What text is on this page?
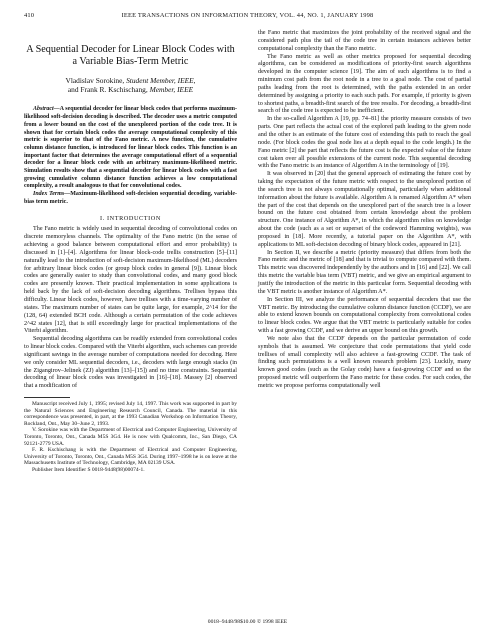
410	IEEE TRANSACTIONS ON INFORMATION THEORY, VOL. 44, NO. 1, JANUARY 1998
A Sequential Decoder for Linear Block Codes with a Variable Bias-Term Metric
Vladislav Sorokine, Student Member, IEEE,
and Frank R. Kschischang, Member, IEEE

Abstract—A sequential decoder for linear block codes that performs maximum-likelihood soft-decision decoding is described. The decoder uses a metric computed from a lower bound on the cost of the unexplored portion of the code tree. It is shown that for certain block codes the average computational complexity of this metric is superior to that of the Fano metric. A new function, the cumulative column distance function, is introduced for linear block codes. This function is an important factor that determines the average computational effort of a sequential decoder for a linear block code with an arbitrary maximum-likelihood metric. Simulation results show that a sequential decoder for linear block codes with a fast growing cumulative column distance function achieves a low computational complexity, a result analogous to that for convolutional codes.

Index Terms—Maximum-likelihood soft-decision sequential decoding, variable-bias term metric.

I. INTRODUCTION

The Fano metric is widely used in sequential decoding of convolutional codes on discrete memoryless channels. The optimality of the Fano metric (in the sense of achieving a good balance between computational effort and error probability) is discussed in [1]–[4]. Algorithms for linear block-code trellis construction [5]–[11] naturally lead to the introduction of soft-decision maximum-likelihood (ML) decoders for arbitrary linear block codes (or group block codes in general [9]). Linear block codes are generally easier to study than convolutional codes, and many good block codes are presently known. Their practical implementation in some applications is held back by the lack of soft-decision decoding algorithms. Trellises bypass this difficulty. Linear block codes, however, have trellises with a time-varying number of states. The maximum number of states can be quite large, for example, 2^14 for the (128, 64) extended BCH code. Although a certain permutation of the code achieves 2^42 states [12], that is still exceedingly large for practical implementations of the Viterbi algorithm.

Sequential decoding algorithms can be readily extended from convolutional codes to linear block codes. Compared with the Viterbi algorithm, such schemes can provide significant savings in the average number of computations needed for decoding. Here we only consider ML sequential decoders, i.e., decoders with large enough stacks (in the Zigangirov–Jelinek (ZJ) algorithm [13]–[15]) and no time constraints. Sequential decoding of linear block codes was investigated in [16]–[18]. Massey [2] observed that a modification of

Manuscript received July 1, 1995; revised July 14, 1997. This work was supported in part by the Natural Sciences and Engineering Research Council, Canada. The material in this correspondence was presented, in part, at the 1993 Canadian Workshop on Information Theory, Rockland, Ont., May 30–June 2, 1993.

V. Sorokine was with the Department of Electrical and Computer Engineering, University of Toronto, Toronto, Ont., Canada M5S 3G4. He is now with Qualcomm, Inc., San Diego, CA 92121-2779 USA.

F. R. Kschischang is with the Department of Electrical and Computer Engineering, University of Toronto, Toronto, Ont., Canada M5S 3G4. During 1997–1998 he is on leave at the Massachusetts Institute of Technology, Cambridge, MA 02139 USA.

Publisher Item Identifier S 0018-9448(98)00074-1.

the Fano metric that maximizes the joint probability of the received signal and the considered path plus the tail of the code tree in certain instances achieves better computational complexity than the Fano metric.

The Fano metric as well as other metrics proposed for sequential decoding algorithms, can be considered as modifications of priority-first search algorithms developed in the computer science [19]. The aim of such algorithms is to find a minimum cost path from the root node in a tree to a goal node. The cost of partial paths leading from the root is determined, with the paths extended in an order determined by assigning a priority to each such path. For example, if priority is given to shortest paths, a breadth-first search of the tree results. For decoding, a breadth-first search of the code tree is expected to be inefficient.

In the so-called Algorithm A [19, pp. 74–81] the priority measure consists of two parts. One part reflects the actual cost of the explored path leading to the given node and the other is an estimate of the future cost of extending this path to reach the goal node. (For block codes the goal node lies at a depth equal to the code length.) In the Fano metric [2] the part that reflects the future cost is the expected value of the future cost taken over all possible extensions of the current node. This sequential decoding with the Fano metric is an instance of Algorithm A in the terminology of [19].

It was observed in [20] that the general approach of estimating the future cost by taking the expectation of the future metric with respect to the unexplored portion of the search tree is not always computationally optimal, particularly when additional information about the future is available. Algorithm A is renamed Algorithm A* when the part of the cost that depends on the unexplored part of the search tree is a lower bound on the future cost obtained from certain knowledge about the problem structure. One instance of Algorithm A*, in which the algorithm relies on knowledge about the code (such as a set or superset of the codeword Hamming weights), was proposed in [18]. More recently, a tutorial paper on the Algorithm A*, with applications to ML soft-decision decoding of binary block codes, appeared in [21].

In Section II, we describe a metric (priority measure) that differs from both the Fano metric and the metric of [18] and that is trivial to compute compared with them. This metric was discovered independently by the authors and in [16] and [22]. We call this metric the variable bias term (VBT) metric, and we give an empirical argument to justify the introduction of the metric in this particular form. Sequential decoding with the VBT metric is another instance of Algorithm A*.

In Section III, we analyze the performance of sequential decoders that use the VBT metric. By introducing the cumulative column distance function (CCDF), we are able to extend known bounds on computational complexity from convolutional codes to linear block codes. We argue that the VBT metric is particularly suitable for codes with a fast growing CCDF, and we derive an upper bound on this growth.

We note also that the CCDF depends on the particular permutation of code symbols that is assumed. We conjecture that code permutations that yield code trellises of small complexity will also achieve a fast-growing CCDF. The task of finding such permutations is a well known research problem [23]. Luckily, many known good codes (such as the Golay code) have a fast-growing CCDF and so the proposed metric will outperform the Fano metric for these codes. For such codes, the metric we propose performs computationally well

0018–9448/98$10.00 © 1998 IEEE
